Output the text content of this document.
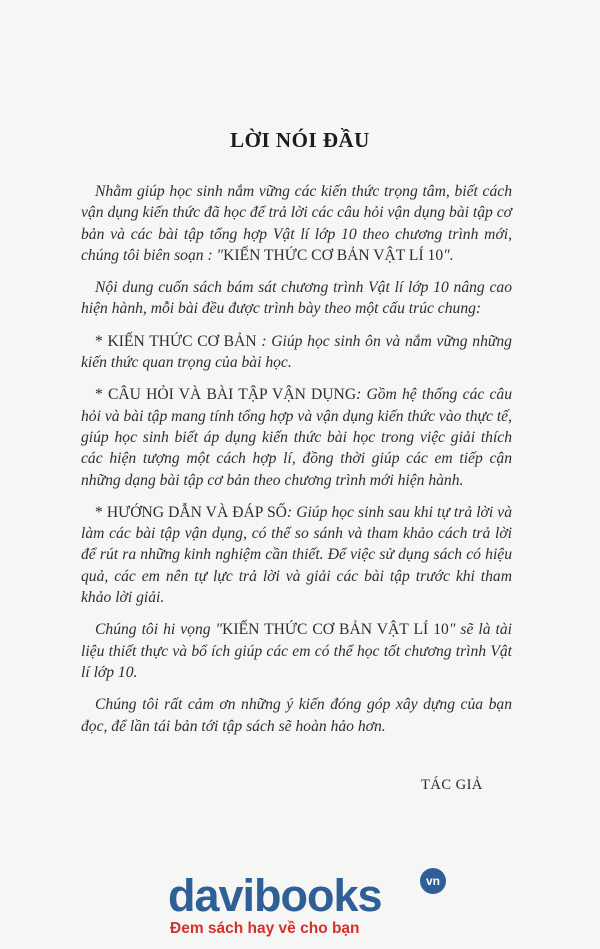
LỜI NÓI ĐẦU

Nhằm giúp học sinh nắm vững các kiến thức trọng tâm, biết cách vận dụng kiến thức đã học để trả lời các câu hỏi vận dụng bài tập cơ bản và các bài tập tổng hợp Vật lí lớp 10 theo chương trình mới, chúng tôi biên soạn : "KIẾN THỨC CƠ BẢN VẬT LÍ 10".

Nội dung cuốn sách bám sát chương trình Vật lí lớp 10 nâng cao hiện hành, mỗi bài đều được trình bày theo một cấu trúc chung:

* KIẾN THỨC CƠ BẢN : Giúp học sinh ôn và nắm vững những kiến thức quan trọng của bài học.

* CÂU HỎI VÀ BÀI TẬP VẬN DỤNG: Gồm hệ thống các câu hỏi và bài tập mang tính tổng hợp và vận dụng kiến thức vào thực tế, giúp học sinh biết áp dụng kiến thức bài học trong việc giải thích các hiện tượng một cách hợp lí, đồng thời giúp các em tiếp cận những dạng bài tập cơ bản theo chương trình mới hiện hành.

* HƯỚNG DẪN VÀ ĐÁP SỐ: Giúp học sinh sau khi tự trả lời và làm các bài tập vận dụng, có thể so sánh và tham khảo cách trả lời để rút ra những kinh nghiệm cần thiết. Để việc sử dụng sách có hiệu quả, các em nên tự lực trả lời và giải các bài tập trước khi tham khảo lời giải.

Chúng tôi hi vọng "KIẾN THỨC CƠ BẢN VẬT LÍ 10" sẽ là tài liệu thiết thực và bổ ích giúp các em có thể học tốt chương trình Vật lí lớp 10.

Chúng tôi rất cảm ơn những ý kiến đóng góp xây dựng của bạn đọc, để lần tái bản tới tập sách sẽ hoàn hảo hơn.

TÁC GIẢ
davibooks	vn
Đem sách hay về cho bạn
